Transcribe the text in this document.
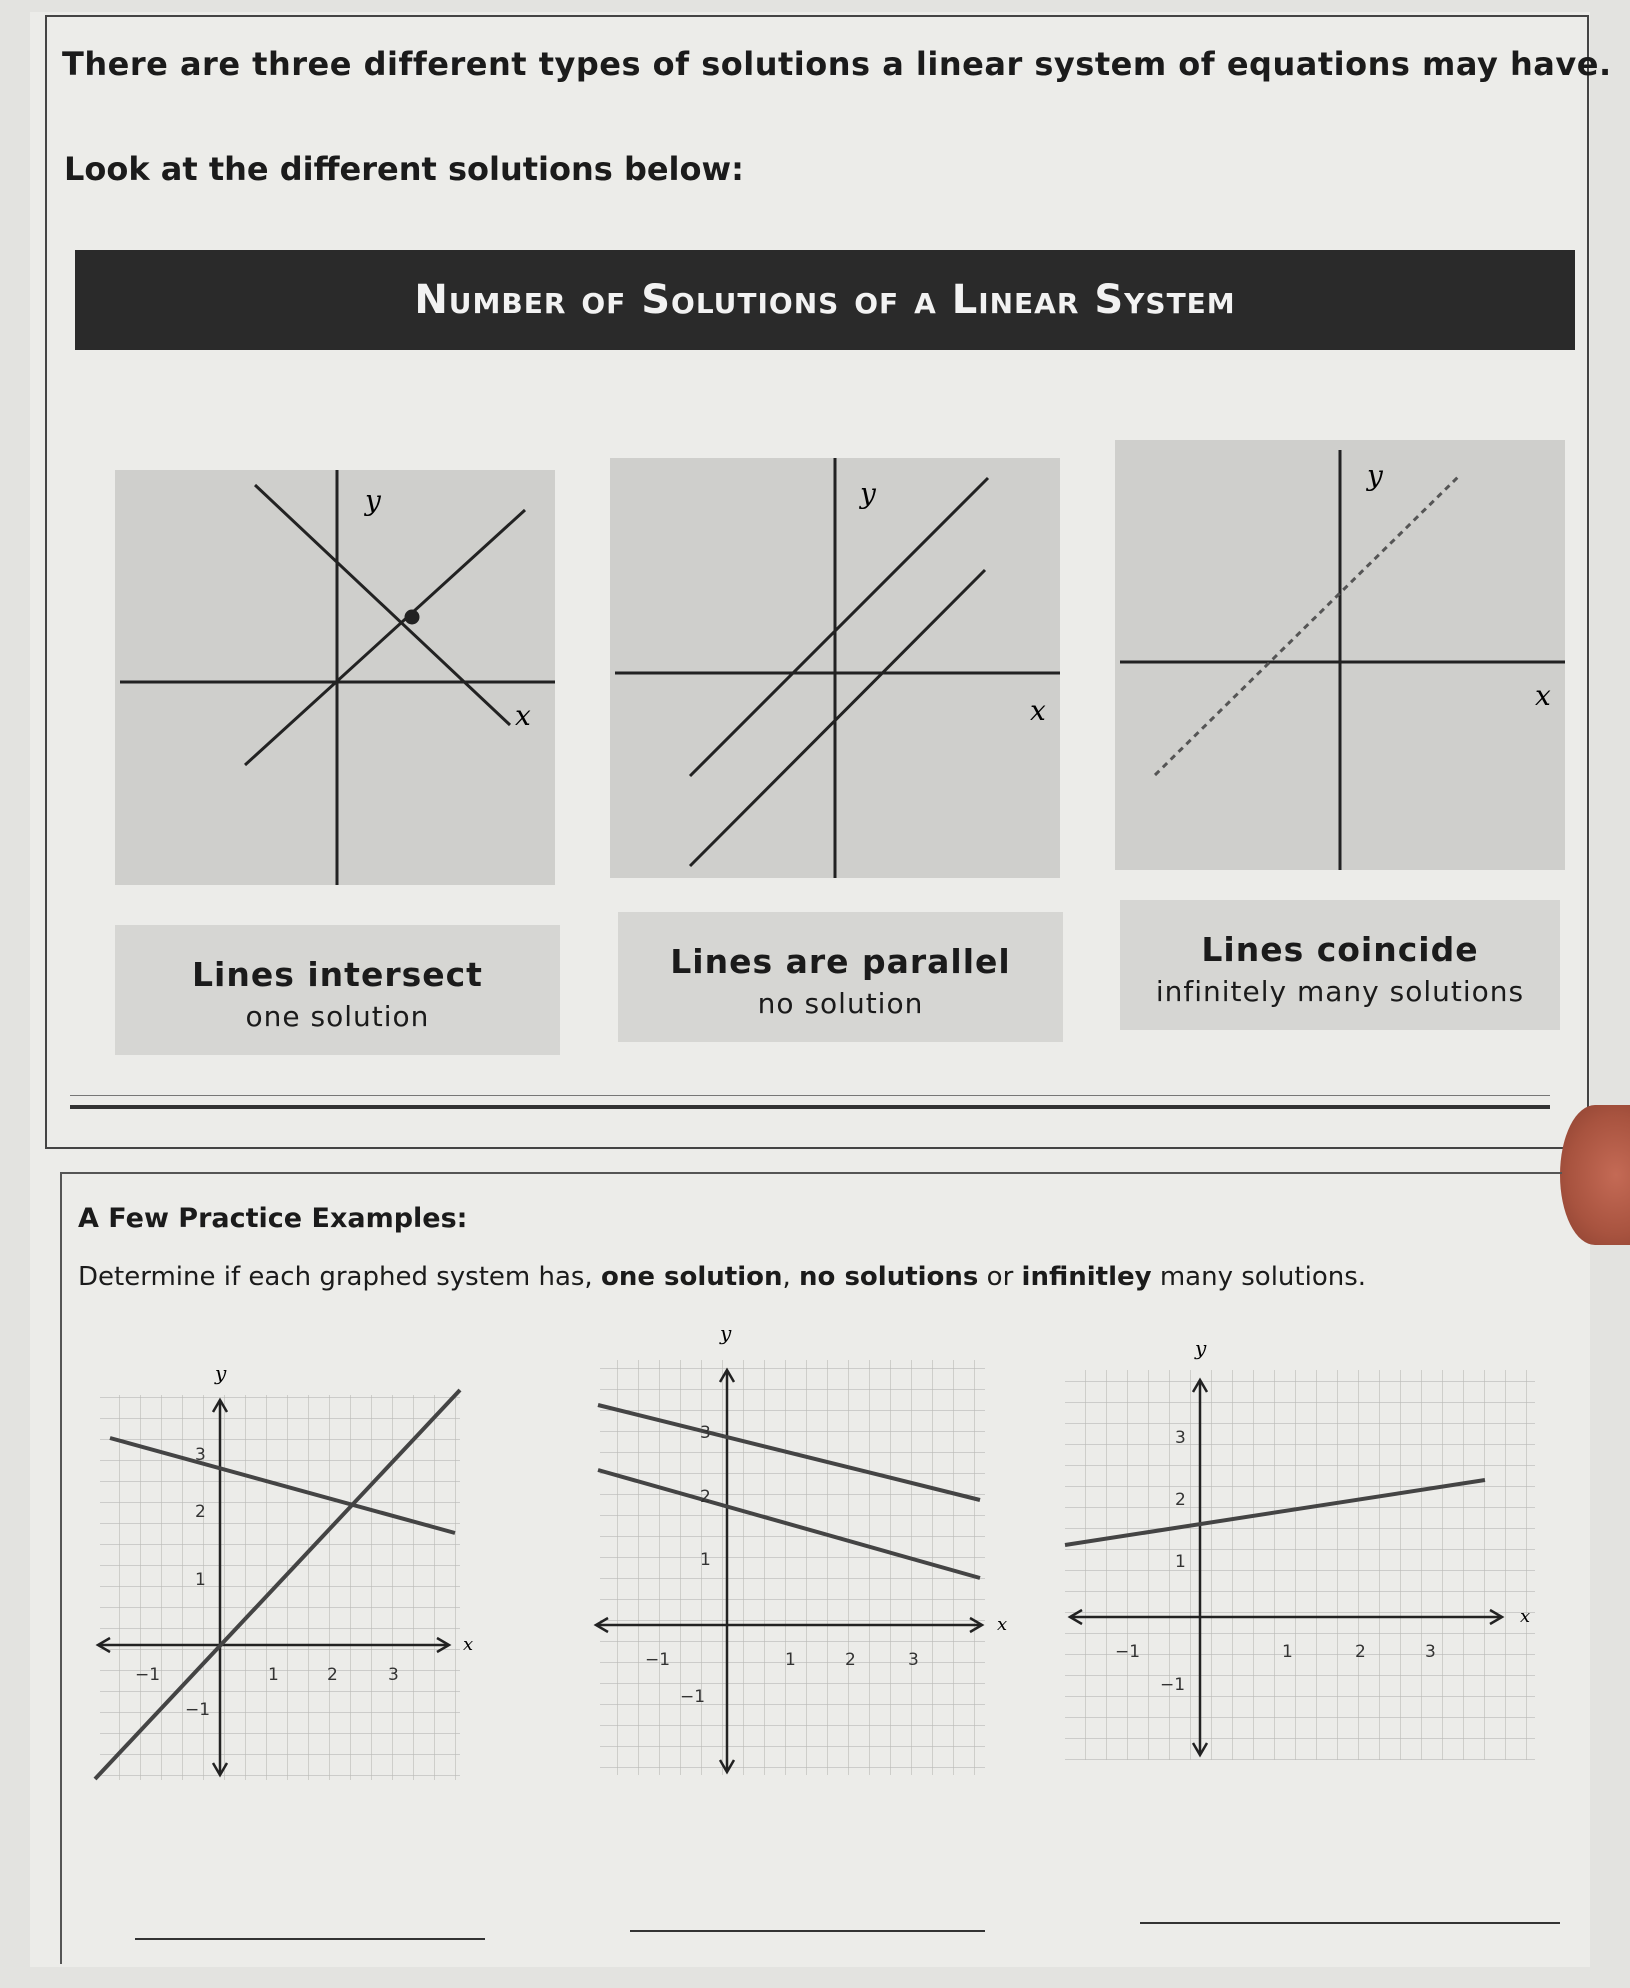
There are three different types of solutions a linear system of equations may have.
Look at the different solutions below:
Number of Solutions of a Linear System
y
x
y
x
y
x
Lines intersect
one solution
Lines are parallel
no solution
Lines coincide
infinitely many solutions
A Few Practice Examples:
Determine if each graphed system has, one solution, no solutions or infinitley many solutions.
y
x
−1	1	2	3
−1
1
2
3
y
x
−1	1	2	3
−1
1
2
3
y
x
−1	1	2	3
−1
1
2
3
